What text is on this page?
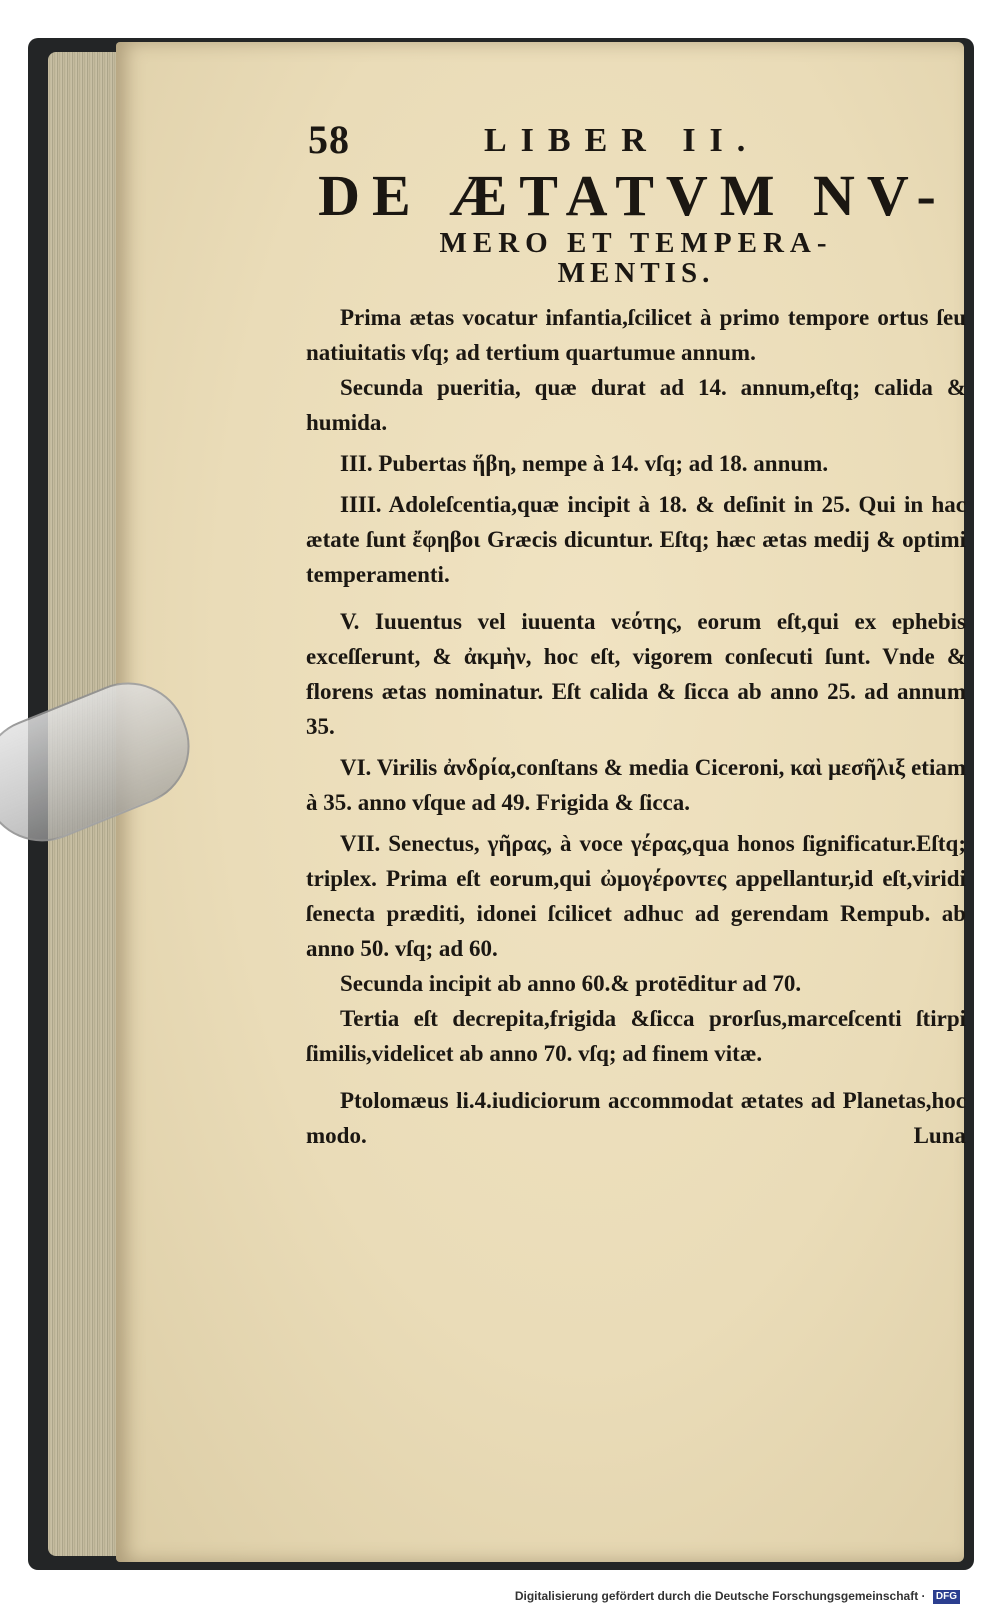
58	LIBER II.
DE ÆTATVM NV-
MERO ET TEMPERA-
MENTIS.

Prima ætas vocatur infantia,ſcilicet à primo tempore ortus ſeu natiuitatis vſq; ad tertium quartumue annum.

Secunda pueritia, quæ durat ad 14. annum,eſtq; calida & humida.

III. Pubertas ἥβη, nempe à 14. vſq; ad 18. annum.

IIII. Adoleſcentia,quæ incipit à 18. & deſinit in 25. Qui in hac ætate ſunt ἔφηβοι Græcis dicuntur. Eſtq; hæc ætas medij & optimi temperamenti.

V. Iuuentus vel iuuenta νεότης, eorum eſt,qui ex ephebis exceſſerunt, & ἀκμὴν, hoc eſt, vigorem conſecuti ſunt. Vnde & florens ætas nominatur. Eſt calida & ſicca ab anno 25. ad annum 35.

VI. Virilis ἀνδρία,conſtans & media Ciceroni, καὶ μεσῆλιξ etiam à 35. anno vſque ad 49. Frigida & ſicca.

VII. Senectus, γῆρας, à voce γέρας,qua honos ſignificatur.Eſtq; triplex. Prima eſt eorum,qui ὠμογέροντες appellantur,id eſt,viridi ſenecta præditi, idonei ſcilicet adhuc ad gerendam Rempub. ab anno 50. vſq; ad 60.

Secunda incipit ab anno 60.& protēditur ad 70.

Tertia eſt decrepita,frigida &ſicca prorſus,marceſcenti ſtirpi ſimilis,videlicet ab anno 70. vſq; ad finem vitæ.

Ptolomæus li.4.iudiciorum accommodat ætates ad Planetas,hoc modo.	Luna
Digitalisierung gefördert durch die Deutsche Forschungsgemeinschaft · DFG
